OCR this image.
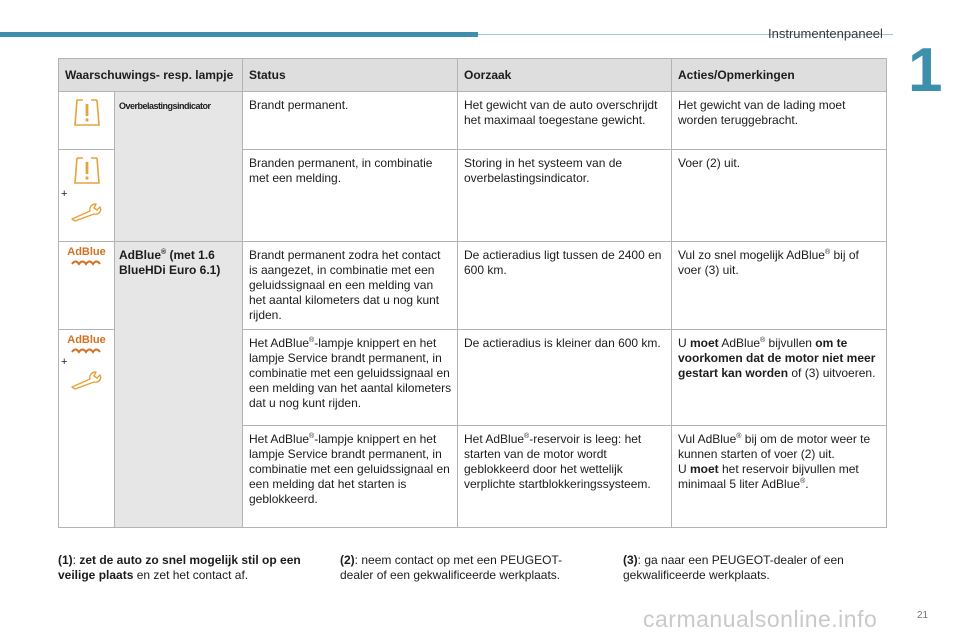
Instrumentenpaneel
1
Waarschuwings- resp. lampje		Status	Oorzaak	Acties/Opmerkingen

	Overbelastingsindicator	Brandt permanent.	Het gewicht van de auto overschrijdt het maximaal toegestane gewicht.	Het gewicht van de lading moet worden teruggebracht.

+		Branden permanent, in combinatie met een melding.	Storing in het systeem van de overbelastingsindicator.	Voer (2) uit.

AdBlue	AdBlue® (met 1.6 BlueHDi Euro 6.1)	Brandt permanent zodra het contact is aangezet, in combinatie met een geluidssignaal en een melding van het aantal kilometers dat u nog kunt rijden.	De actieradius ligt tussen de 2400 en 600 km.	Vul zo snel mogelijk AdBlue® bij of voer (3) uit.

AdBlue
+		Het AdBlue®-lampje knippert en het lampje Service brandt permanent, in combinatie met een geluidssignaal en een melding van het aantal kilometers dat u nog kunt rijden.	De actieradius is kleiner dan 600 km.	U moet AdBlue® bijvullen om te voorkomen dat de motor niet meer gestart kan worden of (3) uitvoeren.
		Het AdBlue®-lampje knippert en het lampje Service brandt permanent, in combinatie met een geluidssignaal en een melding dat het starten is geblokkeerd.	Het AdBlue®-reservoir is leeg: het starten van de motor wordt geblokkeerd door het wettelijk verplichte startblokkeringssysteem.	Vul AdBlue® bij om de motor weer te kunnen starten of voer (2) uit.
U moet het reservoir bijvullen met minimaal 5 liter AdBlue®.
(1): zet de auto zo snel mogelijk stil op een veilige plaats en zet het contact af.
(2): neem contact op met een PEUGEOT-dealer of een gekwalificeerde werkplaats.
(3): ga naar een PEUGEOT-dealer of een gekwalificeerde werkplaats.
carmanualsonline.info	21
